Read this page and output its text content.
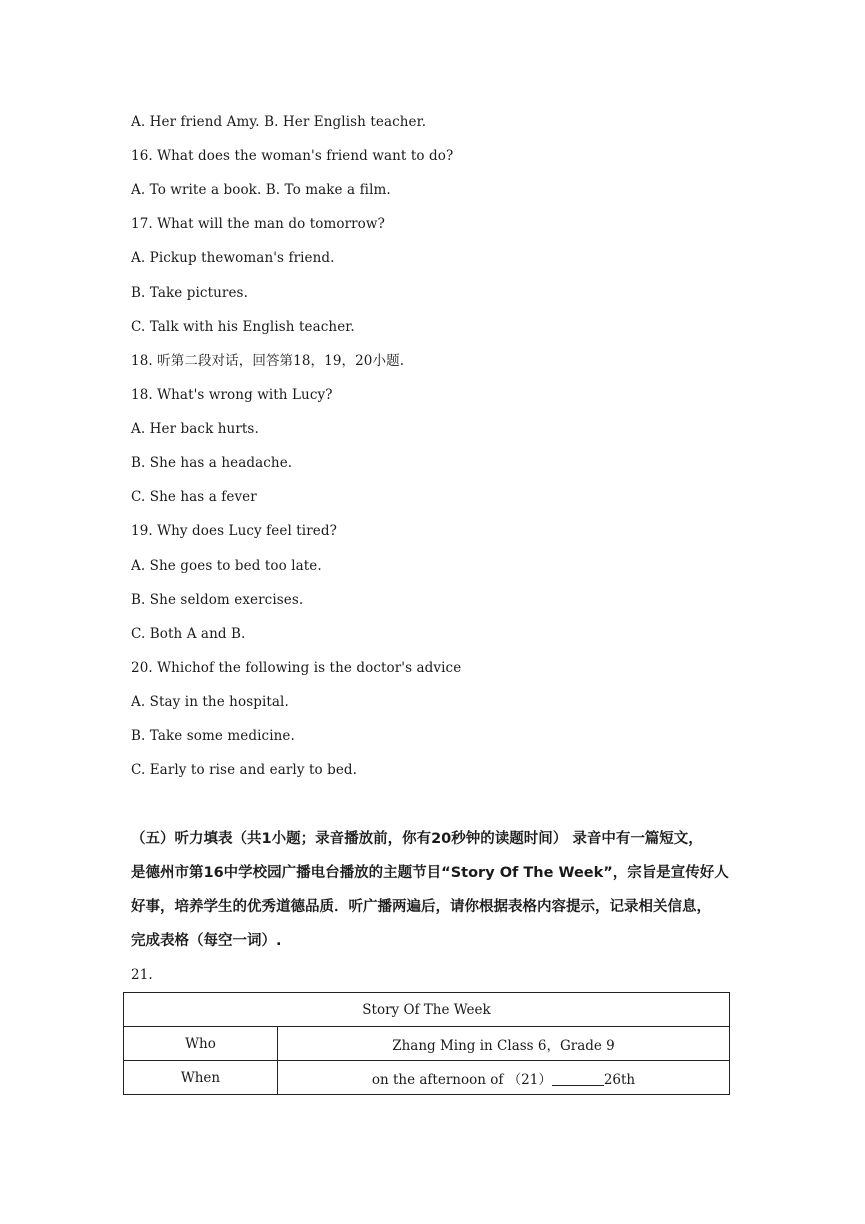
A. Her friend Amy. B. Her English teacher.
16. What does the woman's friend want to do?
A. To write a book. B. To make a film.
17. What will the man do tomorrow?
A. Pickup thewoman's friend.
B. Take pictures.
C. Talk with his English teacher.
18. 听第二段对话，回答第18，19，20小题.
18. What's wrong with Lucy?
A. Her back hurts.
B. She has a headache.
C. She has a fever
19. Why does Lucy feel tired?
A. She goes to bed too late.
B. She seldom exercises.
C. Both A and B.
20. Whichof the following is the doctor's advice
A. Stay in the hospital.
B. Take some medicine.
C. Early to rise and early to bed.
（五）听力填表（共1小题；录音播放前，你有20秒钟的读题时间） 录音中有一篇短文，
是德州市第16中学校园广播电台播放的主题节目“Story Of The Week”，宗旨是宣传好人
好事，培养学生的优秀道德品质．听广播两遍后，请你根据表格内容提示，记录相关信息，
完成表格（每空一词）.
21.
Story Of The Week	
Who	Zhang Ming in Class 6，Grade 9
When	on the afternoon of （21） 26th
